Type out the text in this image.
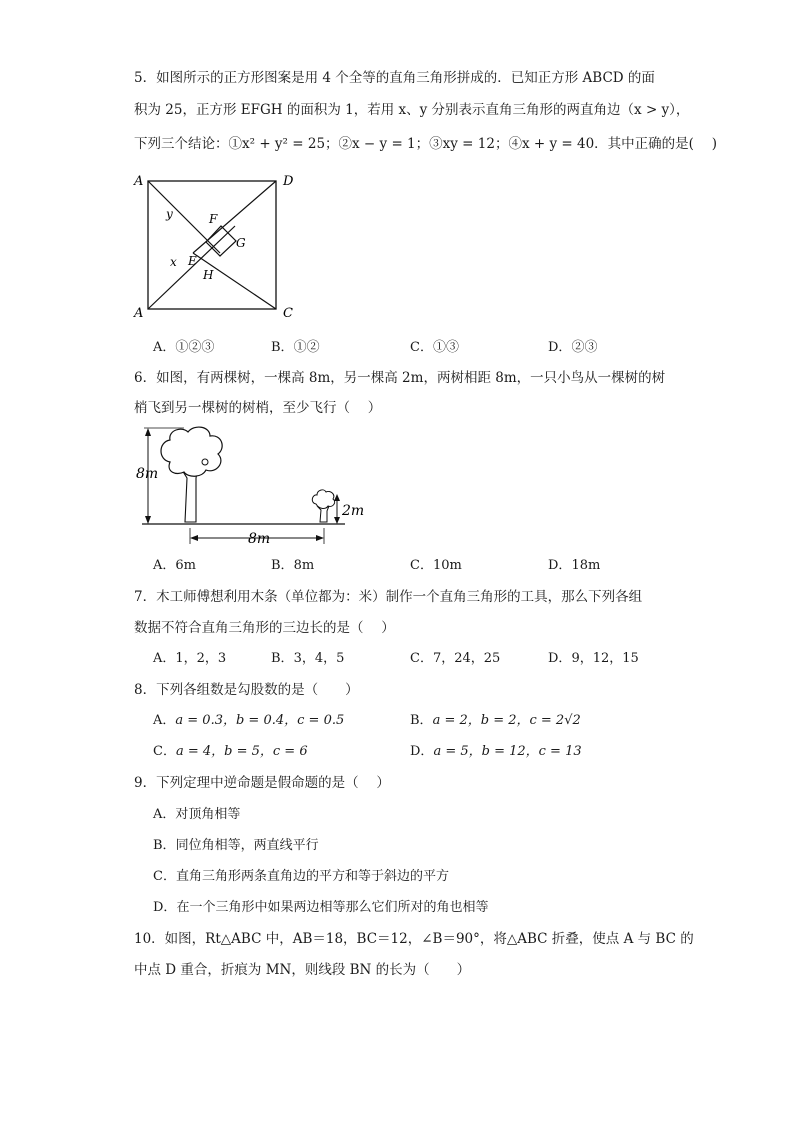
5．如图所示的正方形图案是用 4 个全等的直角三角形拼成的．已知正方形 ABCD 的面
积为 25，正方形 EFGH 的面积为 1，若用 x、y 分别表示直角三角形的两直角边（x > y），
下列三个结论：①x² + y² = 25；②x − y = 1；③xy = 12；④x + y = 40．其中正确的是(　 )
A	D
A	C
y
x
F
G
E
H
A．①②③	B．①②	C．①③	D．②③
6．如图，有两棵树，一棵高 8m，另一棵高 2m，两树相距 8m，一只小鸟从一棵树的树
梢飞到另一棵树的树梢，至少飞行（　 ）
8m
2m
8m
A．6m	B．8m	C．10m	D．18m
7．木工师傅想利用木条（单位都为：米）制作一个直角三角形的工具，那么下列各组
数据不符合直角三角形的三边长的是（　 ）
A．1，2，3	B．3，4，5	C．7，24，25	D．9，12，15
8．下列各组数是勾股数的是（　　）
A．a = 0.3，b = 0.4，c = 0.5	B．a = 2，b = 2，c = 2√2
C．a = 4，b = 5，c = 6	D．a = 5，b = 12，c = 13
9．下列定理中逆命题是假命题的是（　 ）
A．对顶角相等
B．同位角相等，两直线平行
C．直角三角形两条直角边的平方和等于斜边的平方
D．在一个三角形中如果两边相等那么它们所对的角也相等
10．如图，Rt△ABC 中，AB＝18，BC＝12，∠B＝90°，将△ABC 折叠，使点 A 与 BC 的
中点 D 重合，折痕为 MN，则线段 BN 的长为（　　）
